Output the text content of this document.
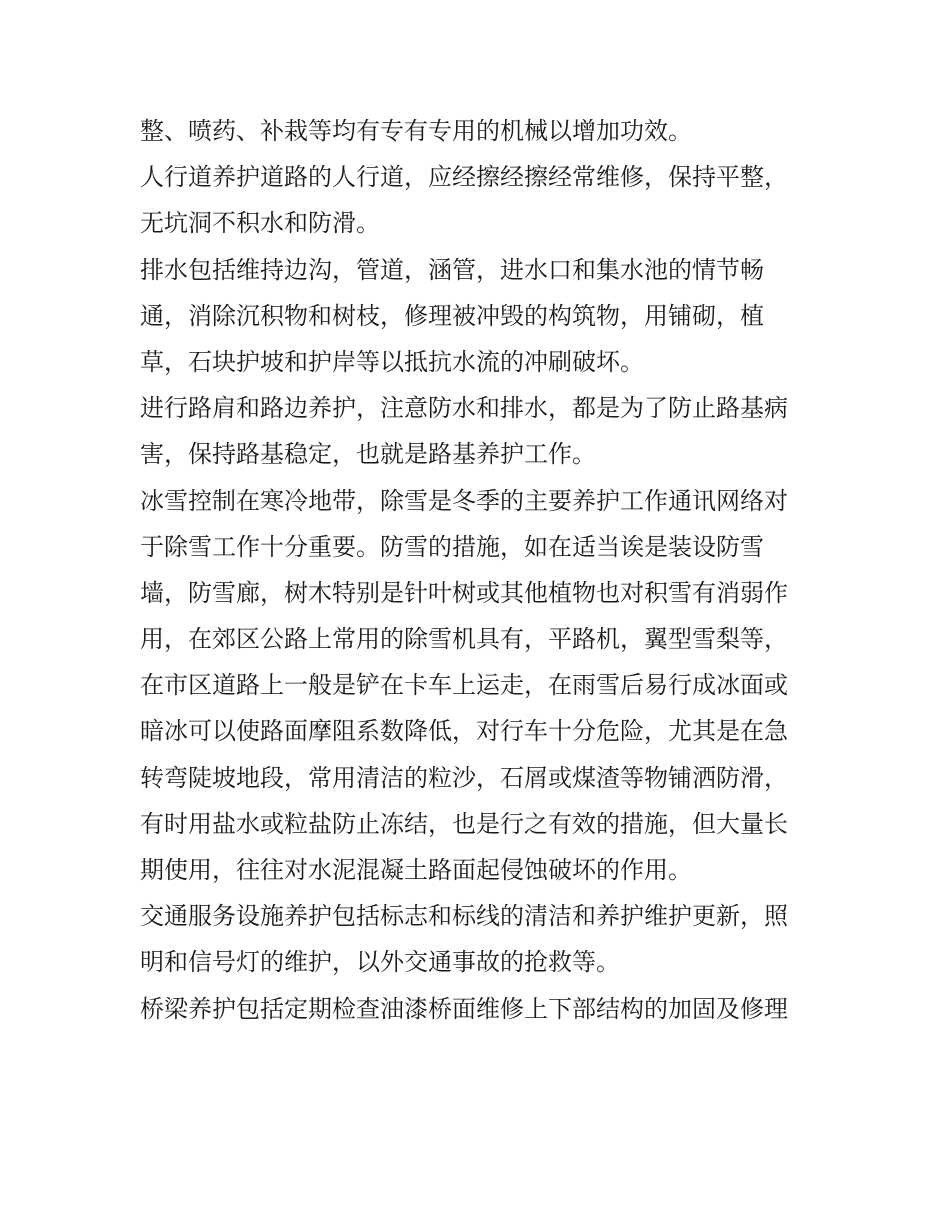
整、喷药、补栽等均有专有专用的机械以增加功效。
人行道养护道路的人行道，应经擦经擦经常维修，保持平整，
无坑洞不积水和防滑。
排水包括维持边沟，管道，涵管，进水口和集水池的情节畅
通，消除沉积物和树枝，修理被冲毁的构筑物，用铺砌，植
草，石块护坡和护岸等以抵抗水流的冲刷破坏。
进行路肩和路边养护，注意防水和排水，都是为了防止路基病
害，保持路基稳定，也就是路基养护工作。
冰雪控制在寒冷地带，除雪是冬季的主要养护工作通讯网络对
于除雪工作十分重要。防雪的措施，如在适当诶是装设防雪
墙，防雪廊，树木特别是针叶树或其他植物也对积雪有消弱作
用，在郊区公路上常用的除雪机具有，平路机，翼型雪梨等，
在市区道路上一般是铲在卡车上运走，在雨雪后易行成冰面或
暗冰可以使路面摩阻系数降低，对行车十分危险，尤其是在急
转弯陡坡地段，常用清洁的粒沙，石屑或煤渣等物铺洒防滑，
有时用盐水或粒盐防止冻结，也是行之有效的措施，但大量长
期使用，往往对水泥混凝土路面起侵蚀破坏的作用。
交通服务设施养护包括标志和标线的清洁和养护维护更新，照
明和信号灯的维护，以外交通事故的抢救等。
桥梁养护包括定期检查油漆桥面维修上下部结构的加固及修理
